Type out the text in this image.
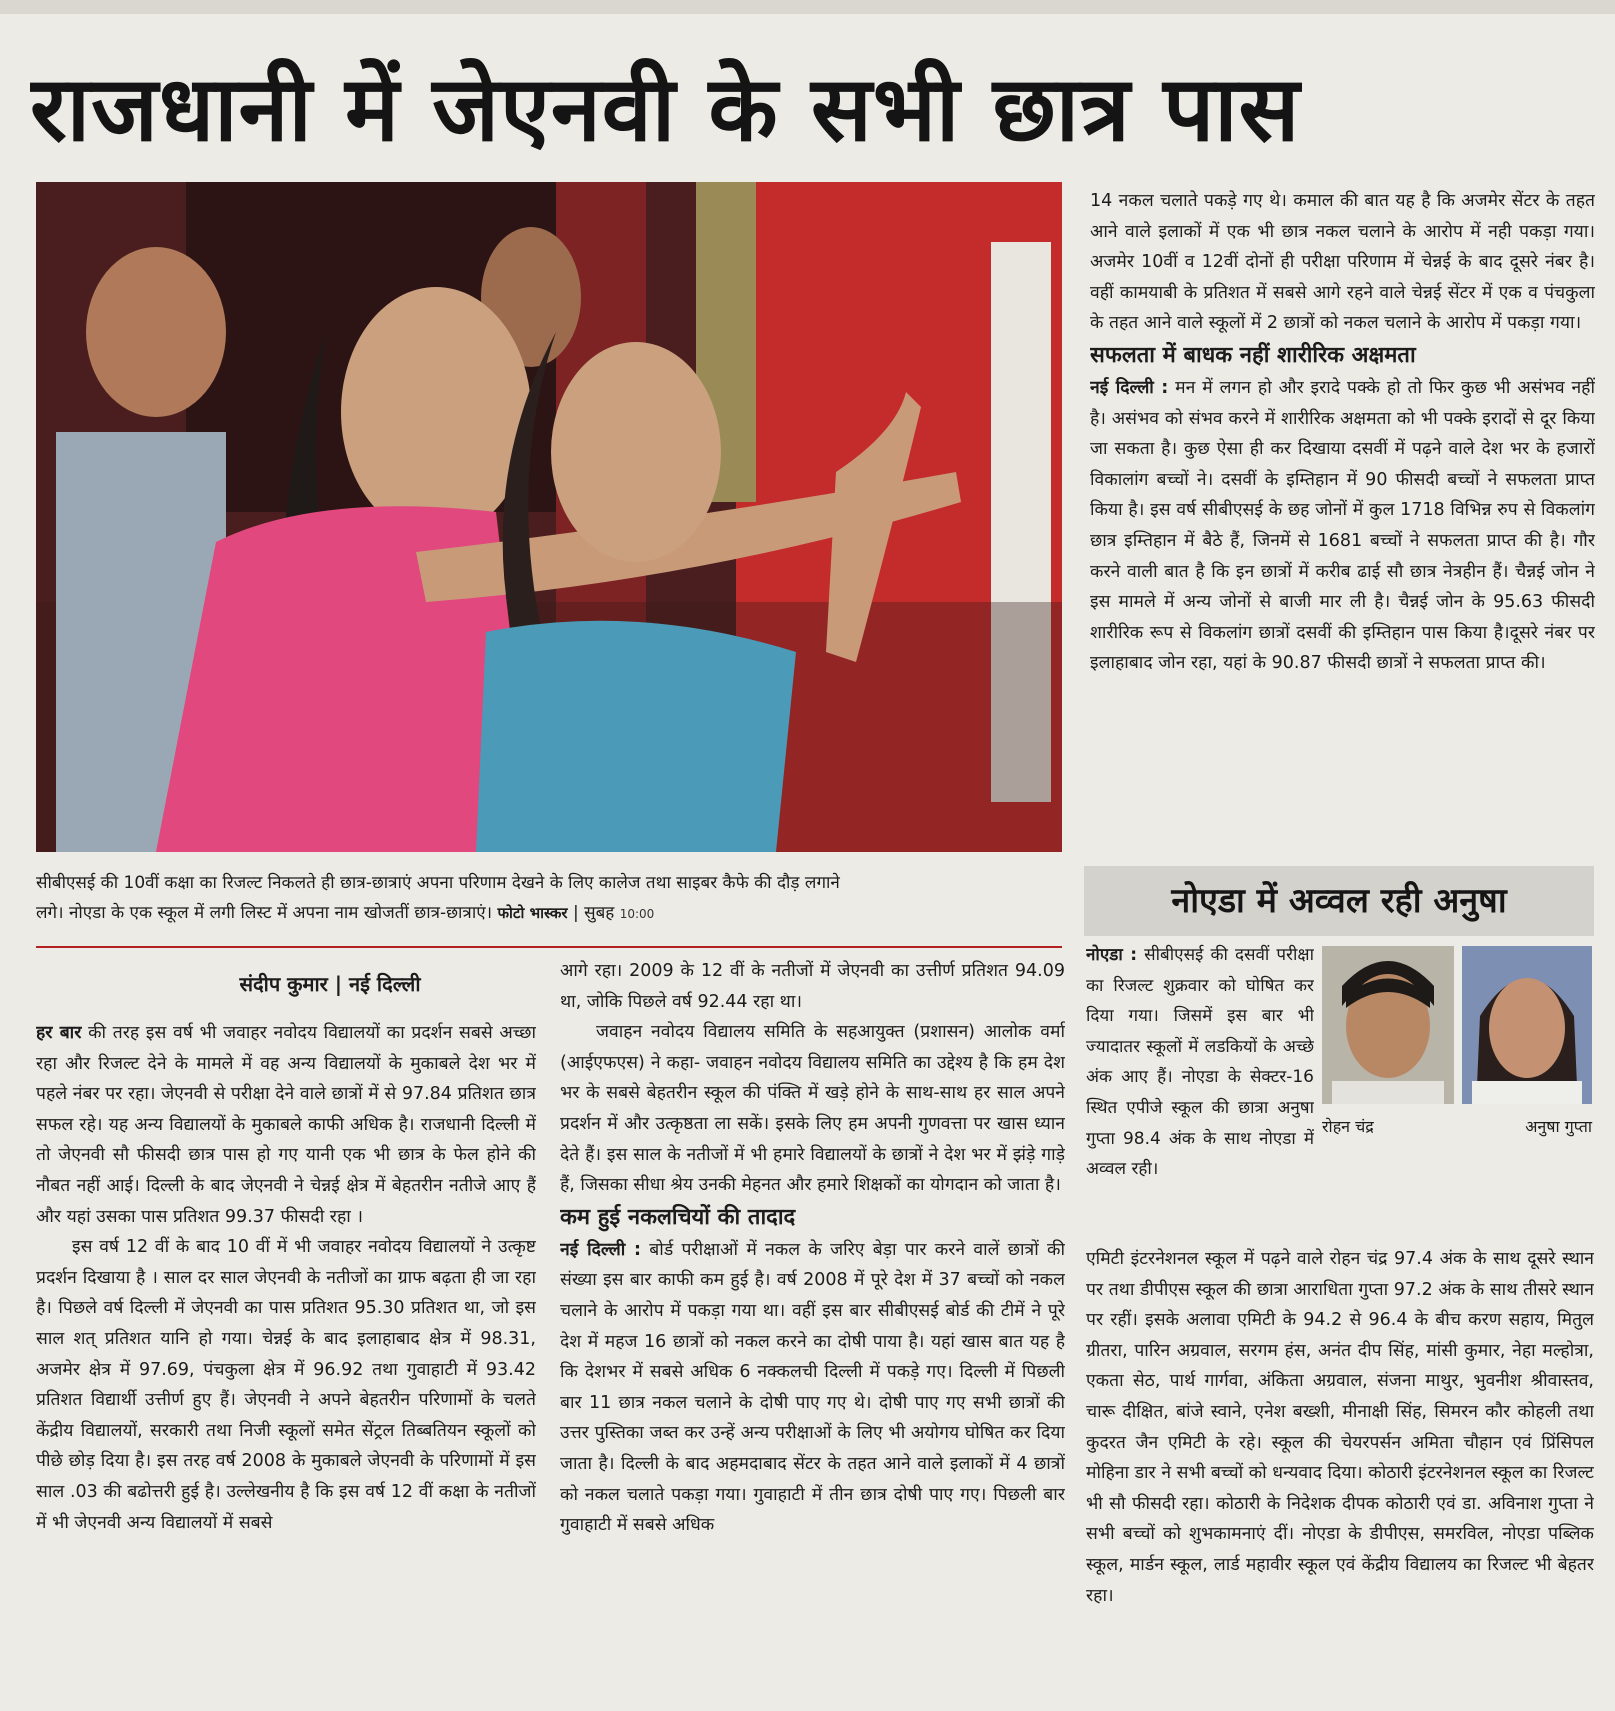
राजधानी में जेएनवी के सभी छात्र पास
सीबीएसई की 10वीं कक्षा का रिजल्ट निकलते ही छात्र-छात्राएं अपना परिणाम देखने के लिए कालेज तथा साइबर कैफे की दौड़ लगाने
लगे। नोएडा के एक स्कूल में लगी लिस्ट में अपना नाम खोजतीं छात्र-छात्राएं। फोटो भास्कर | सुबह 10:00
संदीप कुमार | नई दिल्ली

हर बार की तरह इस वर्ष भी जवाहर नवोदय विद्यालयों का प्रदर्शन सबसे अच्छा रहा और रिजल्ट देने के मामले में वह अन्य विद्यालयों के मुकाबले देश भर में पहले नंबर पर रहा। जेएनवी से परीक्षा देने वाले छात्रों में से 97.84 प्रतिशत छात्र सफल रहे। यह अन्य विद्यालयों के मुकाबले काफी अधिक है। राजधानी दिल्ली में तो जेएनवी सौ फीसदी छात्र पास हो गए यानी एक भी छात्र के फेल होने की नौबत नहीं आई। दिल्ली के बाद जेएनवी ने चेन्नई क्षेत्र में बेहतरीन नतीजे आए हैं और यहां उसका पास प्रतिशत 99.37 फीसदी रहा ।

इस वर्ष 12 वीं के बाद 10 वीं में भी जवाहर नवोदय विद्यालयों ने उत्कृष्ट प्रदर्शन दिखाया है । साल दर साल जेएनवी के नतीजों का ग्राफ बढ़ता ही जा रहा है। पिछले वर्ष दिल्ली में जेएनवी का पास प्रतिशत 95.30 प्रतिशत था, जो इस साल शत् प्रतिशत यानि हो गया। चेन्नई के बाद इलाहाबाद क्षेत्र में 98.31, अजमेर क्षेत्र में 97.69, पंचकुला क्षेत्र में 96.92 तथा गुवाहाटी में 93.42 प्रतिशत विद्यार्थी उत्तीर्ण हुए हैं। जेएनवी ने अपने बेहतरीन परिणामों के चलते केंद्रीय विद्यालयों, सरकारी तथा निजी स्कूलों समेत सेंट्रल तिब्बतियन स्कूलों को पीछे छोड़ दिया है। इस तरह वर्ष 2008 के मुकाबले जेएनवी के परिणामों में इस साल .03 की बढोत्तरी हुई है। उल्लेखनीय है कि इस वर्ष 12 वीं कक्षा के नतीजों में भी जेएनवी अन्य विद्यालयों में सबसे

आगे रहा। 2009 के 12 वीं के नतीजों में जेएनवी का उत्तीर्ण प्रतिशत 94.09 था, जोकि पिछले वर्ष 92.44 रहा था।

जवाहन नवोदय विद्यालय समिति के सहआयुक्त (प्रशासन) आलोक वर्मा (आईएफएस) ने कहा- जवाहन नवोदय विद्यालय समिति का उद्देश्य है कि हम देश भर के सबसे बेहतरीन स्कूल की पंक्ति में खड़े होने के साथ-साथ हर साल अपने प्रदर्शन में और उत्कृष्ठता ला सकें। इसके लिए हम अपनी गुणवत्ता पर खास ध्यान देते हैं। इस साल के नतीजों में भी हमारे विद्यालयों के छात्रों ने देश भर में झंड़े गाड़े हैं, जिसका सीधा श्रेय उनकी मेहनत और हमारे शिक्षकों का योगदान को जाता है।

कम हुई नकलचियों की तादाद

नई दिल्ली : बोर्ड परीक्षाओं में नकल के जरिए बेड़ा पार करने वालें छात्रों की संख्या इस बार काफी कम हुई है। वर्ष 2008 में पूरे देश में 37 बच्चों को नकल चलाने के आरोप में पकड़ा गया था। वहीं इस बार सीबीएसई बोर्ड की टीमें ने पूरे देश में महज 16 छात्रों को नकल करने का दोषी पाया है। यहां खास बात यह है कि देशभर में सबसे अधिक 6 नक्कलची दिल्ली में पकड़े गए। दिल्ली में पिछली बार 11 छात्र नकल चलाने के दोषी पाए गए थे। दोषी पाए गए सभी छात्रों की उत्तर पुस्तिका जब्त कर उन्हें अन्य परीक्षाओं के लिए भी अयोगय घोषित कर दिया जाता है। दिल्ली के बाद अहमदाबाद सेंटर के तहत आने वाले इलाकों में 4 छात्रों को नकल चलाते पकड़ा गया। गुवाहाटी में तीन छात्र दोषी पाए गए। पिछली बार गुवाहाटी में सबसे अधिक

14 नकल चलाते पकड़े गए थे। कमाल की बात यह है कि अजमेर सेंटर के तहत आने वाले इलाकों में एक भी छात्र नकल चलाने के आरोप में नही पकड़ा गया। अजमेर 10वीं व 12वीं दोनों ही परीक्षा परिणाम में चेन्नई के बाद दूसरे नंबर है। वहीं कामयाबी के प्रतिशत में सबसे आगे रहने वाले चेन्नई सेंटर में एक व पंचकुला के तहत आने वाले स्कूलों में 2 छात्रों को नकल चलाने के आरोप में पकड़ा गया।

सफलता में बाधक नहीं शारीरिक अक्षमता

नई दिल्ली : मन में लगन हो और इरादे पक्के हो तो फिर कुछ भी असंभव नहीं है। असंभव को संभव करने में शारीरिक अक्षमता को भी पक्के इरादों से दूर किया जा सकता है। कुछ ऐसा ही कर दिखाया दसवीं में पढ़ने वाले देश भर के हजारों विकालांग बच्चों ने। दसवीं के इम्तिहान में 90 फीसदी बच्चों ने सफलता प्राप्त किया है। इस वर्ष सीबीएसई के छह जोनों में कुल 1718 विभिन्न रुप से विकलांग छात्र इम्तिहान में बैठे हैं, जिनमें से 1681 बच्चों ने सफलता प्राप्त की है। गौर करने वाली बात है कि इन छात्रों में करीब ढाई सौ छात्र नेत्रहीन हैं। चैन्नई जोन ने इस मामले में अन्य जोनों से बाजी मार ली है। चैन्नई जोन के 95.63 फीसदी शारीरिक रूप से विकलांग छात्रों दसवीं की इम्तिहान पास किया है।दूसरे नंबर पर इलाहाबाद जोन रहा, यहां के 90.87 फीसदी छात्रों ने सफलता प्राप्त की।

नोएडा में अव्वल रही अनुषा

नोएडा : सीबीएसई की दसवीं परीक्षा का रिजल्ट शुक्रवार को घोषित कर दिया गया। जिसमें इस बार भी ज्यादातर स्कूलों में लडकियों के अच्छे अंक आए हैं। नोएडा के सेक्टर-16 स्थित एपीजे स्कूल की छात्रा अनुषा गुप्ता 98.4 अंक के साथ नोएडा में अव्वल रही।

रोहन चंद्र	अनुषा गुप्ता

एमिटी इंटरनेशनल स्कूल में पढ़ने वाले रोहन चंद्र 97.4 अंक के साथ दूसरे स्थान पर तथा डीपीएस स्कूल की छात्रा आराधिता गुप्ता 97.2 अंक के साथ तीसरे स्थान पर रहीं। इसके अलावा एमिटी के 94.2 से 96.4 के बीच करण सहाय, मितुल ग्रीतरा, पारिन अग्रवाल, सरगम हंस, अनंत दीप सिंह, मांसी कुमार, नेहा मल्होत्रा, एकता सेठ, पार्थ गार्गवा, अंकिता अग्रवाल, संजना माथुर, भुवनीश श्रीवास्तव, चारू दीक्षित, बांजे स्वाने, एनेश बख्शी, मीनाक्षी सिंह, सिमरन कौर कोहली तथा कुदरत जैन एमिटी के रहे। स्कूल की चेयरपर्सन अमिता चौहान एवं प्रिंसिपल मोहिना डार ने सभी बच्चों को धन्यवाद दिया। कोठारी इंटरनेशनल स्कूल का रिजल्ट भी सौ फीसदी रहा। कोठारी के निदेशक दीपक कोठारी एवं डा. अविनाश गुप्ता ने सभी बच्चों को शुभकामनाएं दीं। नोएडा के डीपीएस, समरविल, नोएडा पब्लिक स्कूल, मार्डन स्कूल, लार्ड महावीर स्कूल एवं केंद्रीय विद्यालय का रिजल्ट भी बेहतर रहा।
